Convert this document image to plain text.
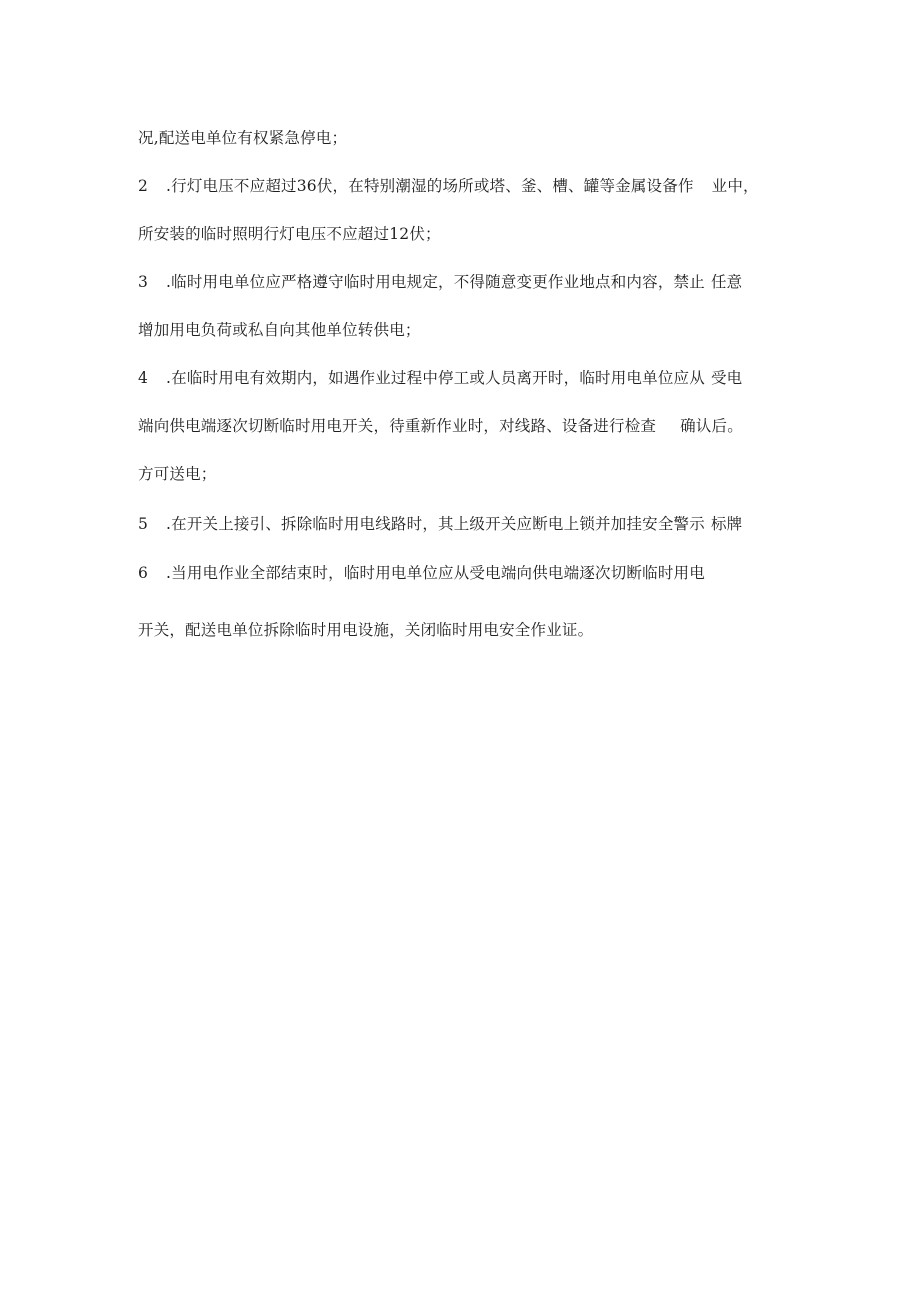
况,配送电单位有权紧急停电；
2 .行灯电压不应超过36伏，在特别潮湿的场所或塔、釜、槽、罐等金属设备作 业中，
所安装的临时照明行灯电压不应超过12伏；
3 .临时用电单位应严格遵守临时用电规定，不得随意变更作业地点和内容，禁止 任意
增加用电负荷或私自向其他单位转供电；
4 .在临时用电有效期内，如遇作业过程中停工或人员离开时，临时用电单位应从 受电
端向供电端逐次切断临时用电开关，待重新作业时，对线路、设备进行检查 确认后。
方可送电；
5 .在开关上接引、拆除临时用电线路时，其上级开关应断电上锁并加挂安全警示 标牌
6 .当用电作业全部结束时，临时用电单位应从受电端向供电端逐次切断临时用电
开关，配送电单位拆除临时用电设施，关闭临时用电安全作业证。
